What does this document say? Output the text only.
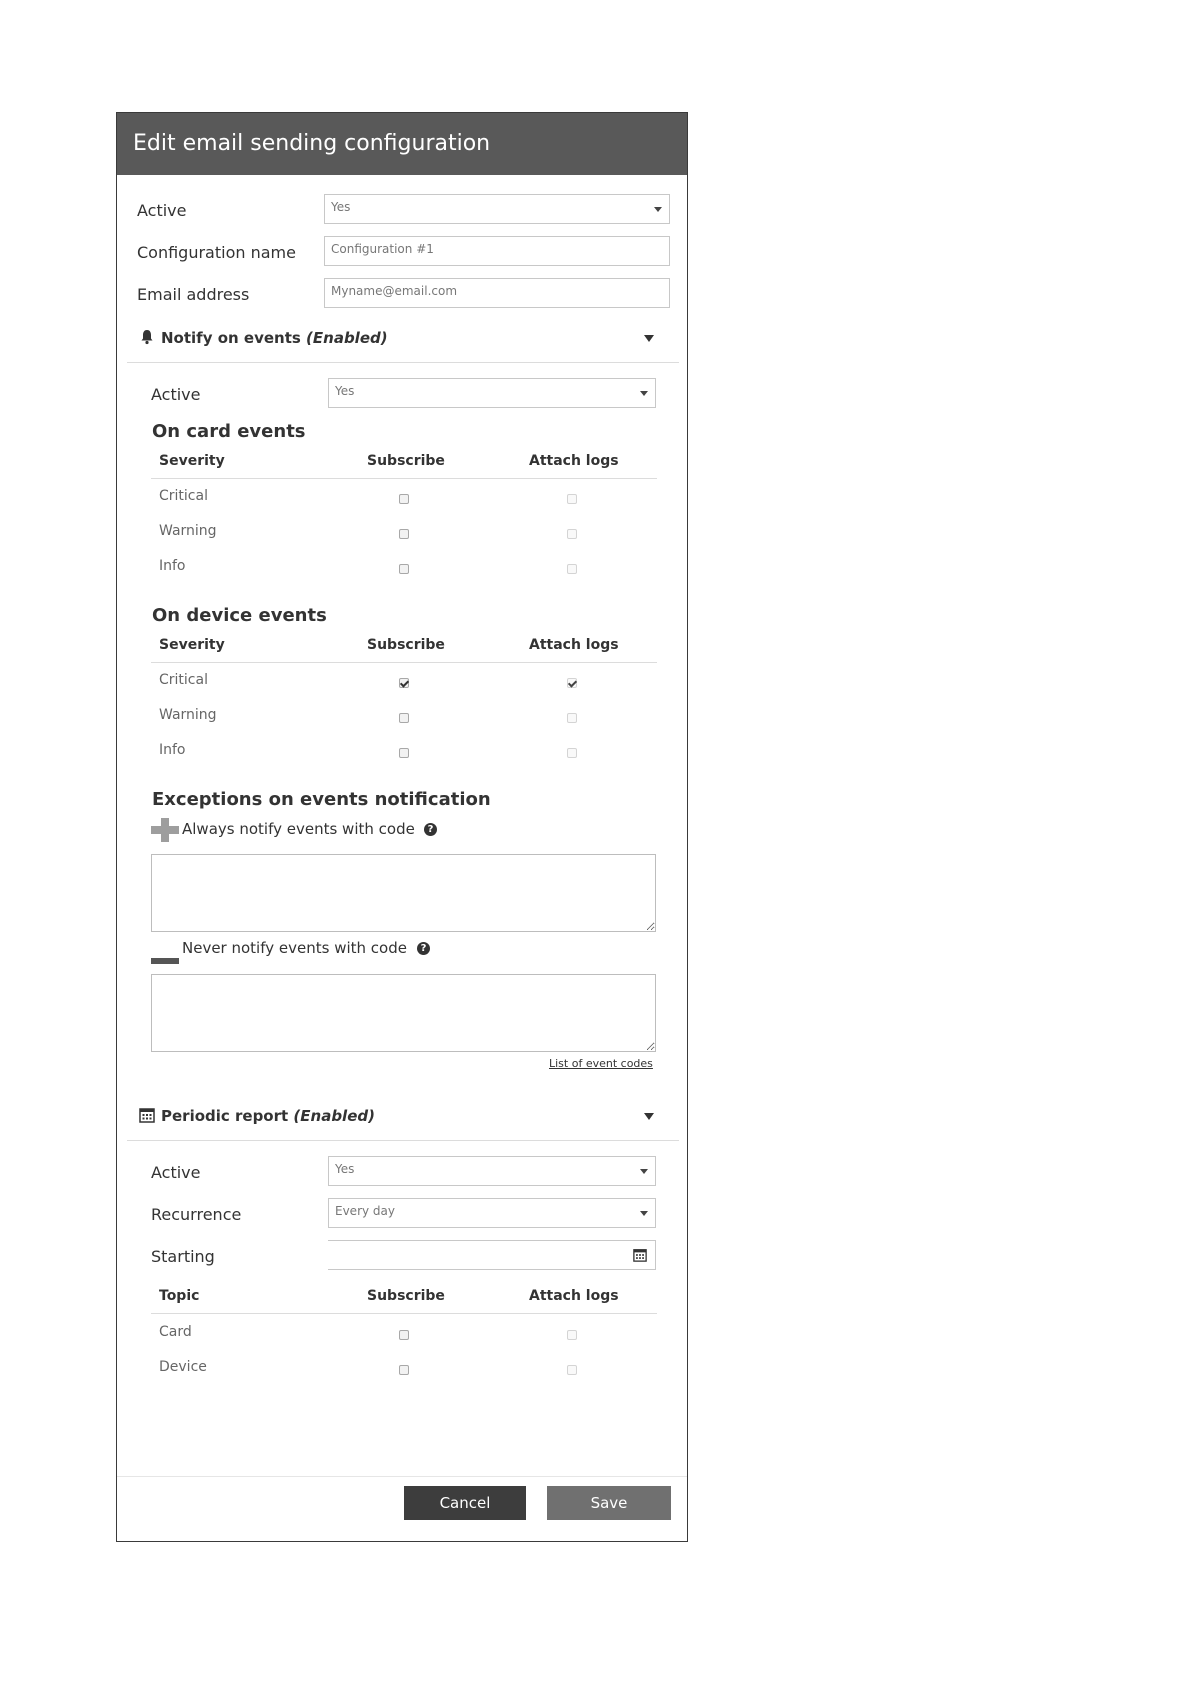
Edit email sending configuration
Active	Yes
Configuration name	Configuration #1
Email address	Myname@email.com
Notify on events (Enabled)
Active	Yes
On card events
Severity	Subscribe	Attach logs
Critical
Warning
Info
On device events
Severity	Subscribe	Attach logs
Critical
Warning
Info
Exceptions on events notification
Always notify events with code	?
Never notify events with code	?
List of event codes
Periodic report (Enabled)
Active	Yes
Recurrence	Every day
Starting
Topic	Subscribe	Attach logs
Card
Device
Cancel	Save
